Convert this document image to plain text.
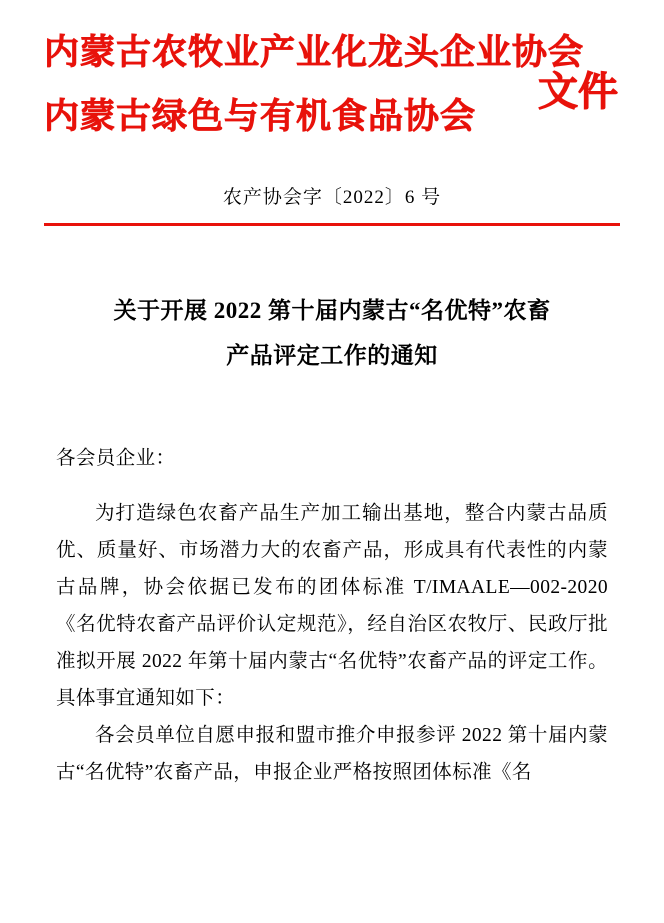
内蒙古农牧业产业化龙头企业协会
内蒙古绿色与有机食品协会
文件
农产协会字〔2022〕6 号
关于开展 2022 第十届内蒙古“名优特”农畜
产品评定工作的通知
各会员企业：

为打造绿色农畜产品生产加工输出基地，整合内蒙古品质优、质量好、市场潜力大的农畜产品，形成具有代表性的内蒙古品牌，协会依据已发布的团体标准 T/IMAALE—002-2020《名优特农畜产品评价认定规范》，经自治区农牧厅、民政厅批准拟开展 2022 年第十届内蒙古“名优特”农畜产品的评定工作。具体事宜通知如下：

各会员单位自愿申报和盟市推介申报参评 2022 第十届内蒙古“名优特”农畜产品，申报企业严格按照团体标准《名
